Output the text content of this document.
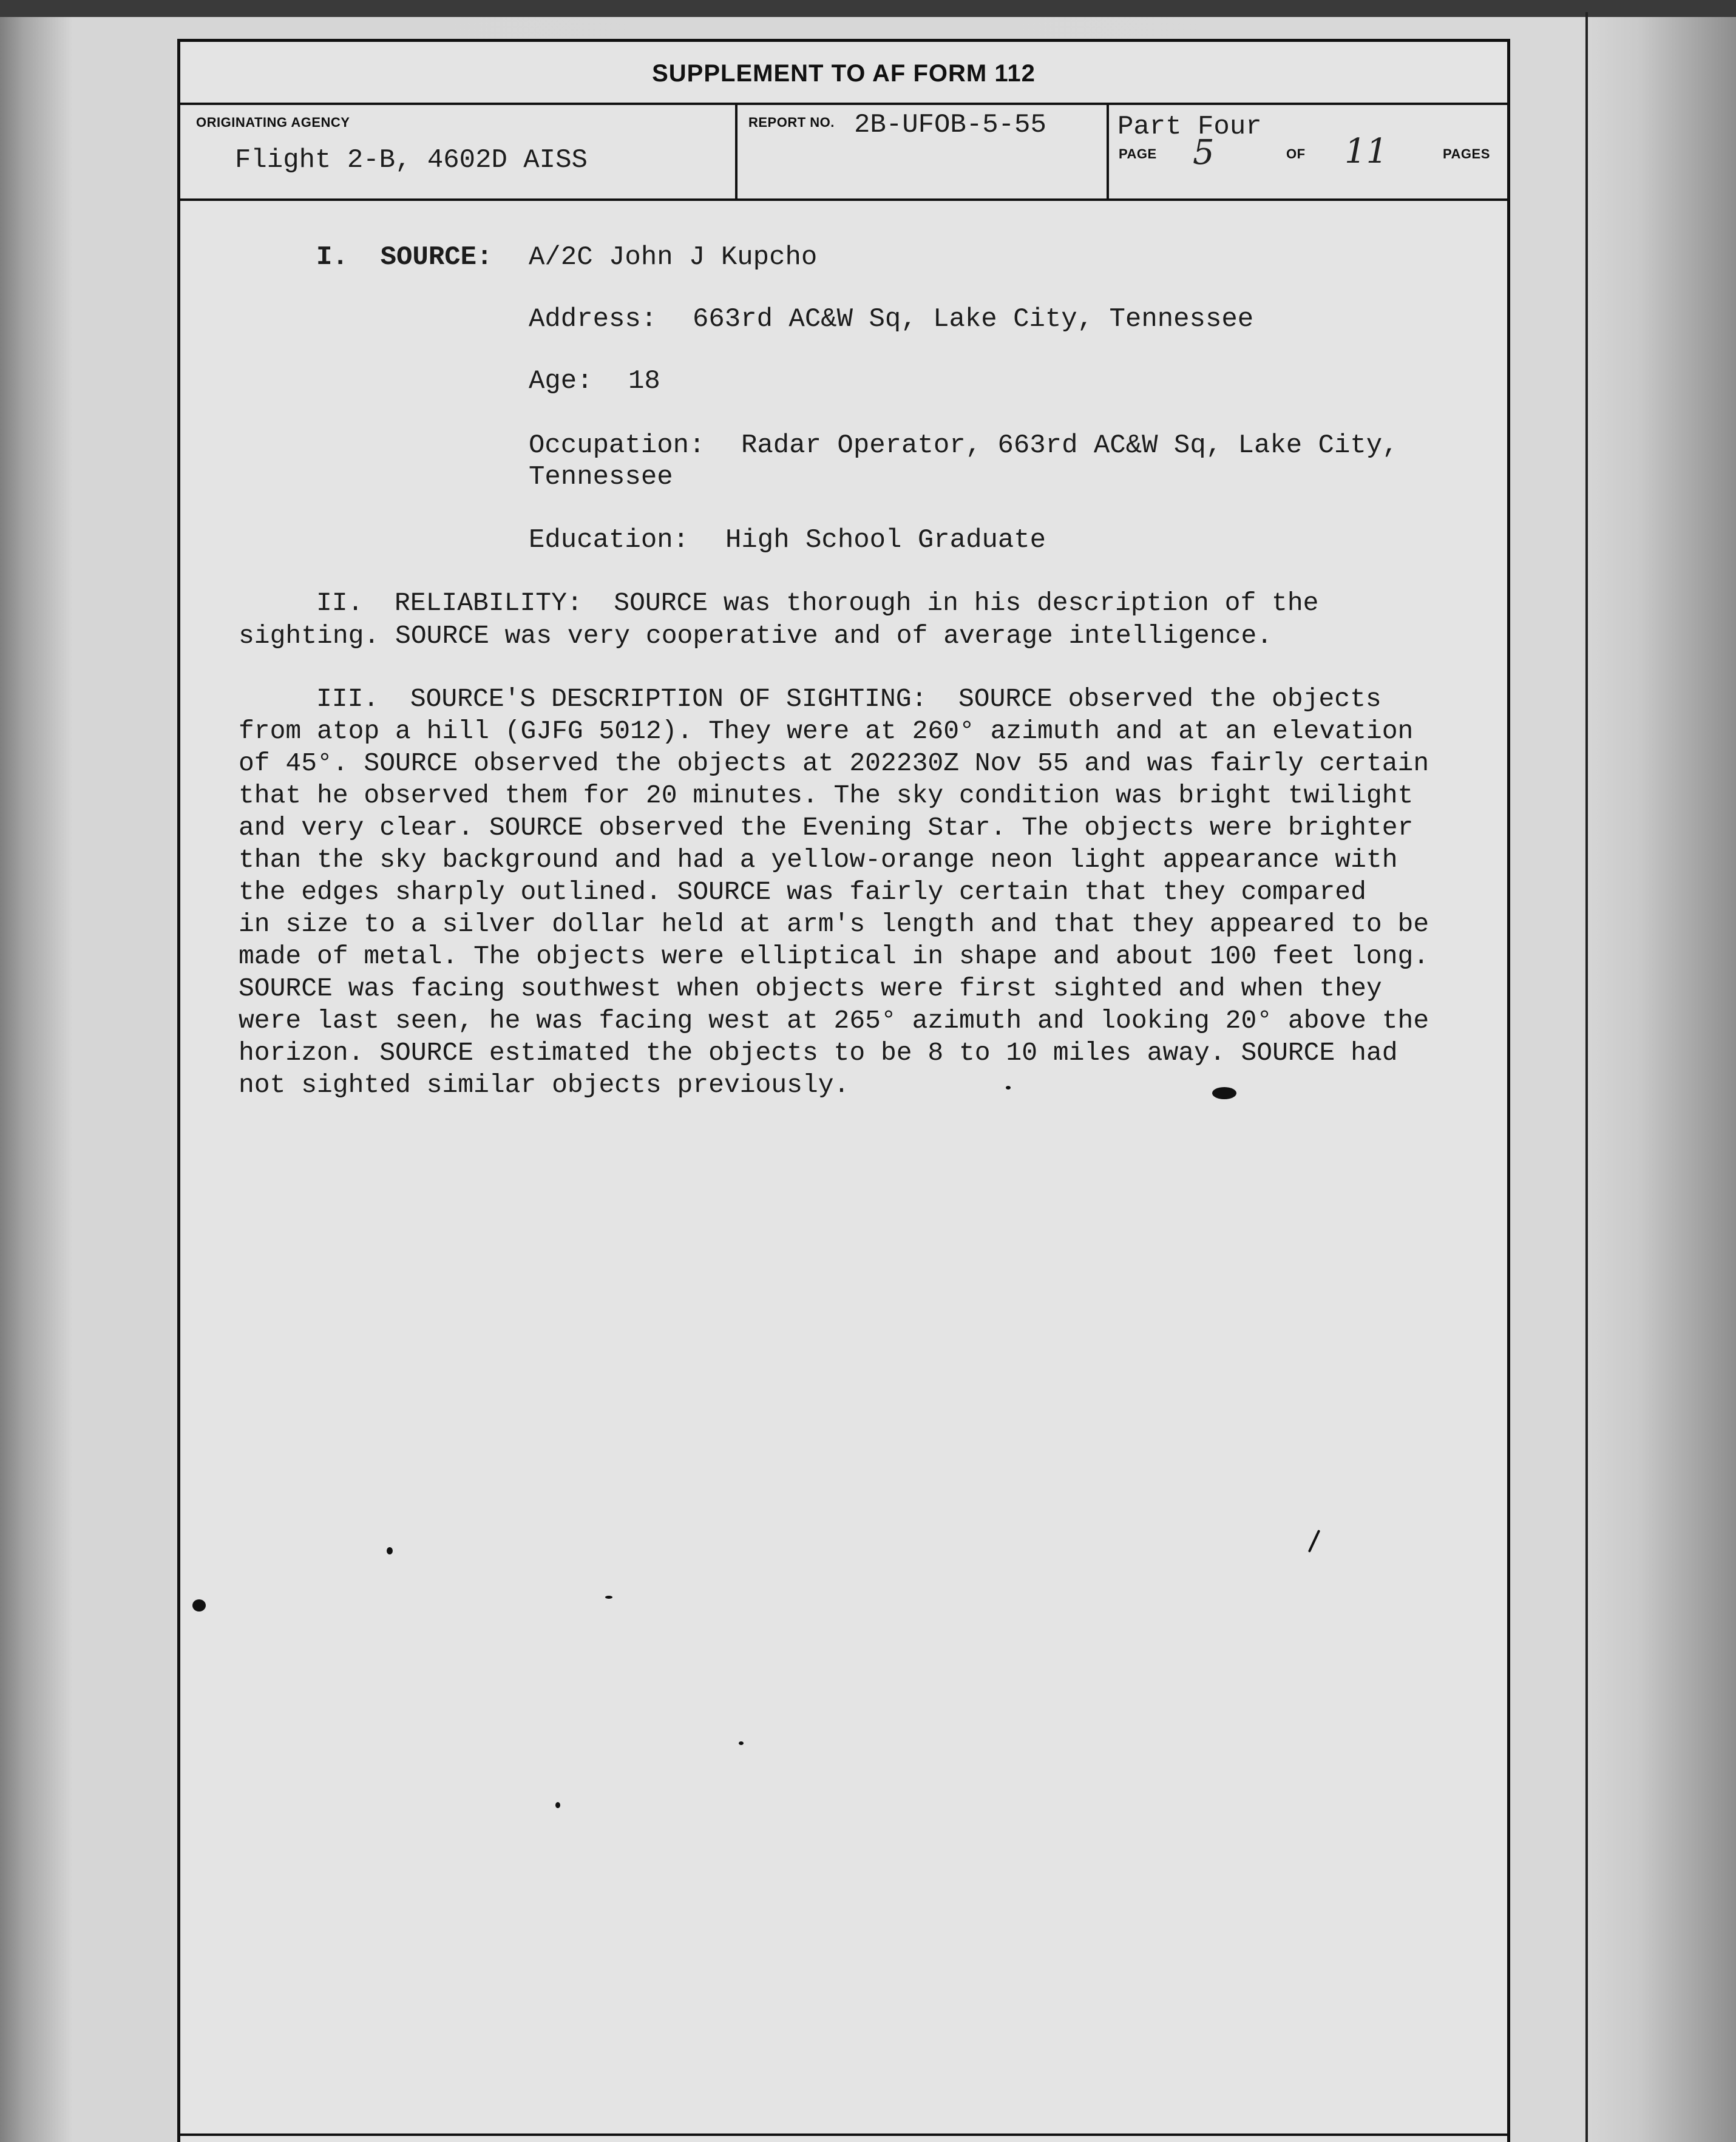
SUPPLEMENT TO AF FORM 112
ORIGINATING AGENCY
Flight 2-B, 4602D AISS
REPORT NO. 2B-UFOB-5-55	Part Four
PAGE 5	OF 11	PAGES
I.  SOURCE: A/2C John J Kupcho
Address: 663rd AC&W Sq, Lake City, Tennessee
Age: 18
Occupation: Radar Operator, 663rd AC&W Sq, Lake City,
Tennessee
Education: High School Graduate
II.  RELIABILITY:  SOURCE was thorough in his description of the
sighting. SOURCE was very cooperative and of average intelligence.
III.  SOURCE'S DESCRIPTION OF SIGHTING:  SOURCE observed the objects
from atop a hill (GJFG 5012). They were at 260° azimuth and at an elevation
of 45°. SOURCE observed the objects at 202230Z Nov 55 and was fairly certain
that he observed them for 20 minutes. The sky condition was bright twilight
and very clear. SOURCE observed the Evening Star. The objects were brighter
than the sky background and had a yellow-orange neon light appearance with
the edges sharply outlined. SOURCE was fairly certain that they compared
in size to a silver dollar held at arm's length and that they appeared to be
made of metal. The objects were elliptical in shape and about 100 feet long.
SOURCE was facing southwest when objects were first sighted and when they
were last seen, he was facing west at 265° azimuth and looking 20° above the
horizon. SOURCE estimated the objects to be 8 to 10 miles away. SOURCE had
not sighted similar objects previously.
